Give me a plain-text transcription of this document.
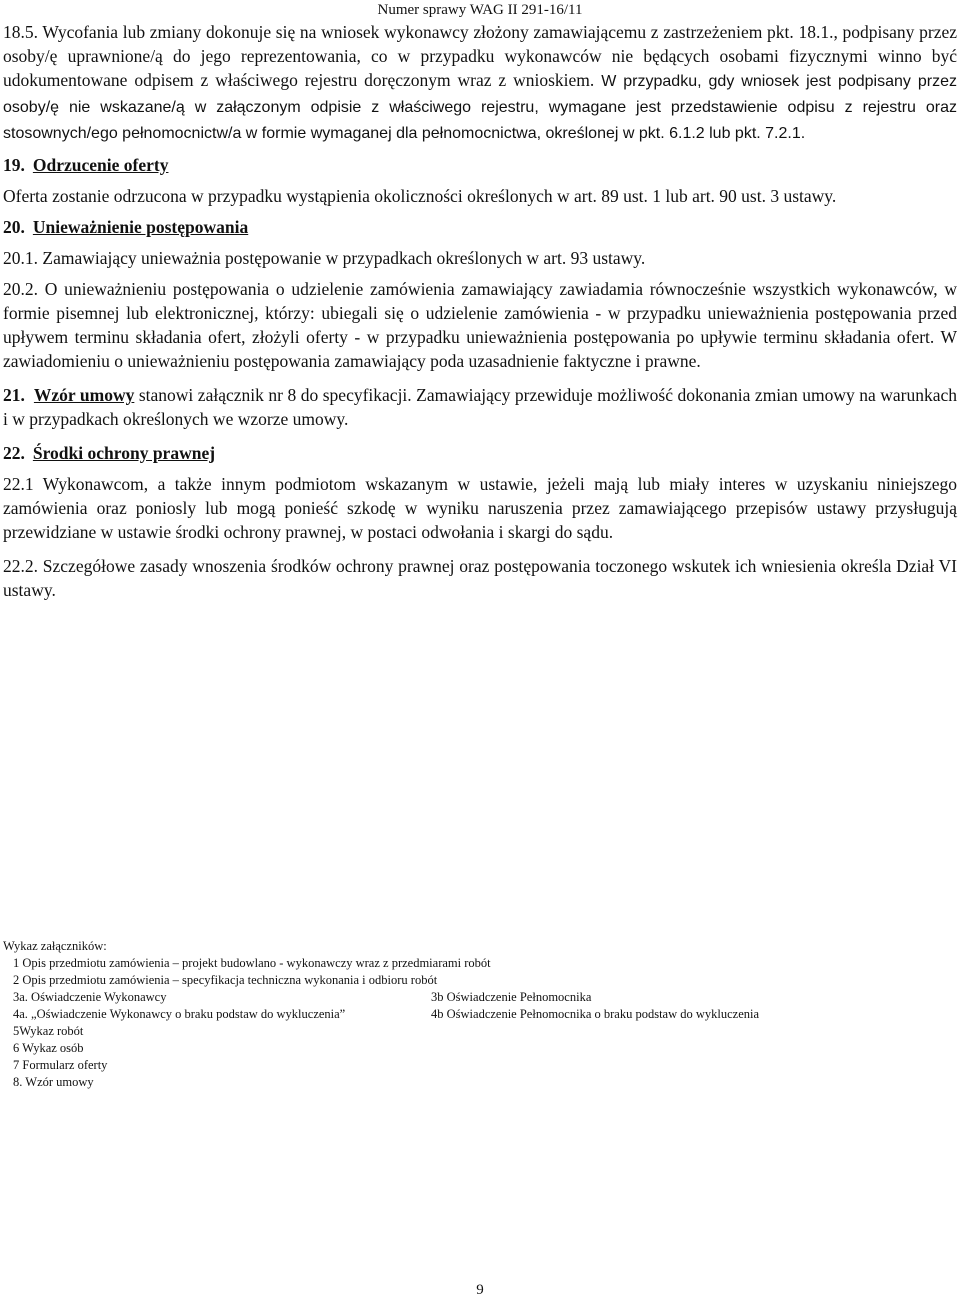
Numer sprawy WAG II 291-16/11

18.5. Wycofania lub zmiany dokonuje się na wniosek wykonawcy złożony zamawiającemu z zastrzeżeniem pkt. 18.1., podpisany przez osoby/ę uprawnione/ą do jego reprezentowania, co w przypadku wykonawców nie będących osobami fizycznymi winno być udokumentowane odpisem z właściwego rejestru doręczonym wraz z wnioskiem. W przypadku, gdy wniosek jest podpisany przez osoby/ę nie wskazane/ą w załączonym odpisie z właściwego rejestru, wymagane jest przedstawienie odpisu z rejestru oraz stosownych/ego pełnomocnictw/a w formie wymaganej dla pełnomocnictwa, określonej w pkt. 6.1.2 lub pkt. 7.2.1.

19. Odrzucenie oferty

Oferta zostanie odrzucona w przypadku wystąpienia okoliczności określonych w art. 89 ust. 1 lub art. 90 ust. 3 ustawy.

20. Unieważnienie postępowania

20.1. Zamawiający unieważnia postępowanie w przypadkach określonych w art. 93 ustawy.

20.2. O unieważnieniu postępowania o udzielenie zamówienia zamawiający zawiadamia równocześnie wszystkich wykonawców, w formie pisemnej lub elektronicznej, którzy: ubiegali się o udzielenie zamówienia - w przypadku unieważnienia postępowania przed upływem terminu składania ofert, złożyli oferty - w przypadku unieważnienia postępowania po upływie terminu składania ofert. W zawiadomieniu o unieważnieniu postępowania zamawiający poda uzasadnienie faktyczne i prawne.

21. Wzór umowy stanowi załącznik nr 8 do specyfikacji. Zamawiający przewiduje możliwość dokonania zmian umowy na warunkach i w przypadkach określonych we wzorze umowy.

22. Środki ochrony prawnej

22.1 Wykonawcom, a także innym podmiotom wskazanym w ustawie, jeżeli mają lub miały interes w uzyskaniu niniejszego zamówienia oraz ponioslу lub mogą ponieść szkodę w wyniku naruszenia przez zamawiającego przepisów ustawy przysługują przewidziane w ustawie środki ochrony prawnej, w postaci odwołania i skargi do sądu.

22.2. Szczegółowe zasady wnoszenia środków ochrony prawnej oraz postępowania toczonego wskutek ich wniesienia określa Dział VI ustawy.

Wykaz załączników:
1 Opis przedmiotu zamówienia – projekt budowlano - wykonawczy wraz z przedmiarami robót
2 Opis przedmiotu zamówienia – specyfikacja techniczna wykonania i odbioru robót
3a. Oświadczenie Wykonawcy	3b Oświadczenie Pełnomocnika
4a. „Oświadczenie Wykonawcy o braku podstaw do wykluczenia”	4b Oświadczenie Pełnomocnika o braku podstaw do wykluczenia
5Wykaz robót
6 Wykaz osób
7 Formularz oferty
8. Wzór umowy
9
